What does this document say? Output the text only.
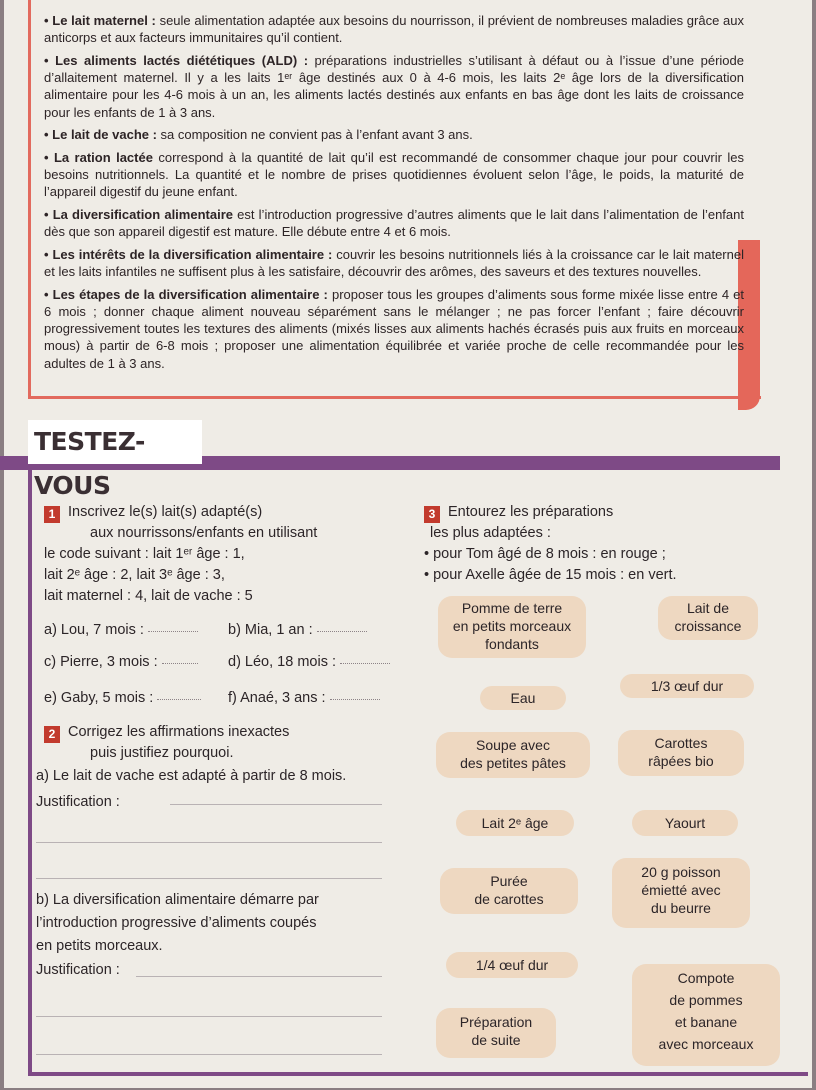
• Le lait maternel : seule alimentation adaptée aux besoins du nourrisson, il prévient de nombreuses maladies grâce aux anticorps et aux facteurs immunitaires qu’il contient.

• Les aliments lactés diététiques (ALD) : préparations industrielles s’utilisant à défaut ou à l’issue d’une période d’allaitement maternel. Il y a les laits 1ᵉʳ âge destinés aux 0 à 4-6 mois, les laits 2ᵉ âge lors de la diversification alimentaire pour les 4-6 mois à un an, les aliments lactés destinés aux enfants en bas âge dont les laits de croissance pour les enfants de 1 à 3 ans.

• Le lait de vache : sa composition ne convient pas à l’enfant avant 3 ans.

• La ration lactée correspond à la quantité de lait qu’il est recommandé de consommer chaque jour pour couvrir les besoins nutritionnels. La quantité et le nombre de prises quotidiennes évoluent selon l’âge, le poids, la maturité de l’appareil digestif du jeune enfant.

• La diversification alimentaire est l’introduction progressive d’autres aliments que le lait dans l’alimentation de l’enfant dès que son appareil digestif est mature. Elle débute entre 4 et 6 mois.

• Les intérêts de la diversification alimentaire : couvrir les besoins nutritionnels liés à la croissance car le lait maternel et les laits infantiles ne suffisent plus à les satisfaire, découvrir des arômes, des saveurs et des textures nouvelles.

• Les étapes de la diversification alimentaire : proposer tous les groupes d’aliments sous forme mixée lisse entre 4 et 6 mois ; donner chaque aliment nouveau séparément sans le mélanger ; ne pas forcer l’enfant ; faire découvrir progressivement toutes les textures des aliments (mixés lisses aux aliments hachés écrasés puis aux fruits en morceaux mous) à partir de 6-8 mois ; proposer une alimentation équilibrée et variée proche de celle recommandée pour les adultes de 1 à 3 ans.

TESTEZ-VOUS
1 Inscrivez le(s) lait(s) adapté(s)
aux nourrissons/enfants en utilisant
le code suivant : lait 1ᵉʳ âge : 1,
lait 2ᵉ âge : 2, lait 3ᵉ âge : 3,
lait maternel : 4, lait de vache : 5
a) Lou, 7 mois :	b) Mia, 1 an :
c) Pierre, 3 mois :	d) Léo, 18 mois :
e) Gaby, 5 mois :	f) Anaé, 3 ans :
2 Corrigez les affirmations inexactes
puis justifiez pourquoi.
a) Le lait de vache est adapté à partir de 8 mois.
Justification :
b) La diversification alimentaire démarre par
l’introduction progressive d’aliments coupés
en petits morceaux.
Justification :
3 Entourez les préparations
les plus adaptées :
• pour Tom âgé de 8 mois : en rouge ;
• pour Axelle âgée de 15 mois : en vert.
Pomme de terre
en petits morceaux
fondants
Lait de
croissance
1/3 œuf dur
Eau
Soupe avec
des petites pâtes
Carottes
râpées bio
Lait 2ᵉ âge	Yaourt
Purée
de carottes
20 g poisson
émietté avec
du beurre
1/4 œuf dur
Compote
de pommes
et banane
avec morceaux
Préparation
de suite
